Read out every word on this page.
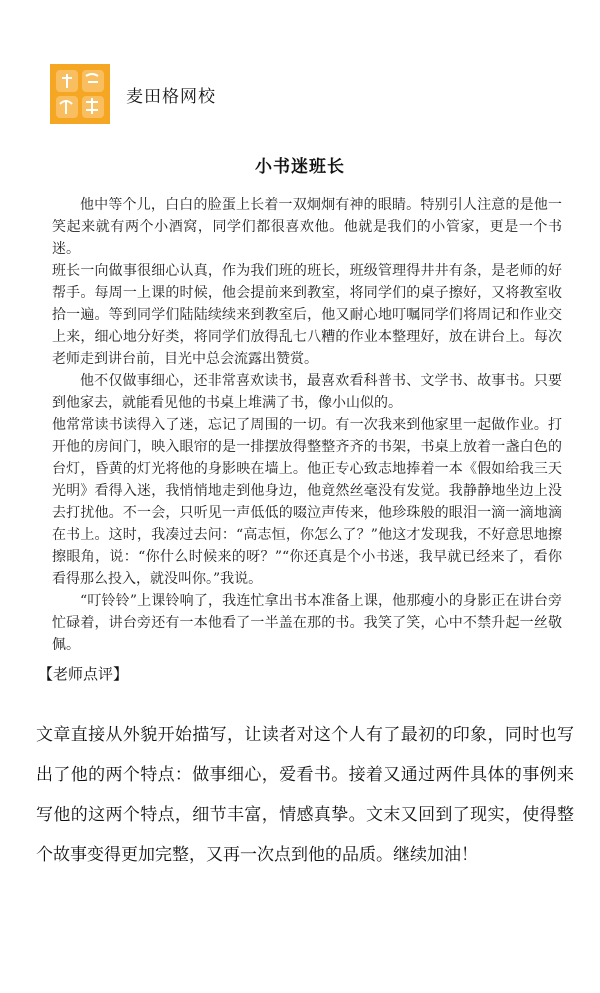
麦田格网校
小书迷班长

他中等个儿，白白的脸蛋上长着一双炯炯有神的眼睛。特别引人注意的是他一笑起来就有两个小酒窝，同学们都很喜欢他。他就是我们的小管家，更是一个书迷。

班长一向做事很细心认真，作为我们班的班长，班级管理得井井有条，是老师的好帮手。每周一上课的时候，他会提前来到教室，将同学们的桌子擦好，又将教室收拾一遍。等到同学们陆陆续续来到教室后，他又耐心地叮嘱同学们将周记和作业交上来，细心地分好类，将同学们放得乱七八糟的作业本整理好，放在讲台上。每次老师走到讲台前，目光中总会流露出赞赏。

他不仅做事细心，还非常喜欢读书，最喜欢看科普书、文学书、故事书。只要到他家去，就能看见他的书桌上堆满了书，像小山似的。

他常常读书读得入了迷，忘记了周围的一切。有一次我来到他家里一起做作业。打开他的房间门，映入眼帘的是一排摆放得整整齐齐的书架，书桌上放着一盏白色的台灯，昏黄的灯光将他的身影映在墙上。他正专心致志地捧着一本《假如给我三天光明》看得入迷，我悄悄地走到他身边，他竟然丝毫没有发觉。我静静地坐边上没去打扰他。不一会，只听见一声低低的啜泣声传来，他珍珠般的眼泪一滴一滴地滴在书上。这时，我凑过去问：“高志恒，你怎么了？”他这才发现我，不好意思地擦擦眼角，说：“你什么时候来的呀？”“你还真是个小书迷，我早就已经来了，看你看得那么投入，就没叫你。”我说。

“叮铃铃”上课铃响了，我连忙拿出书本准备上课，他那瘦小的身影正在讲台旁忙碌着，讲台旁还有一本他看了一半盖在那的书。我笑了笑，心中不禁升起一丝敬佩。

【老师点评】

文章直接从外貌开始描写，让读者对这个人有了最初的印象，同时也写出了他的两个特点：做事细心，爱看书。接着又通过两件具体的事例来写他的这两个特点，细节丰富，情感真挚。文末又回到了现实，使得整个故事变得更加完整，又再一次点到他的品质。继续加油！
